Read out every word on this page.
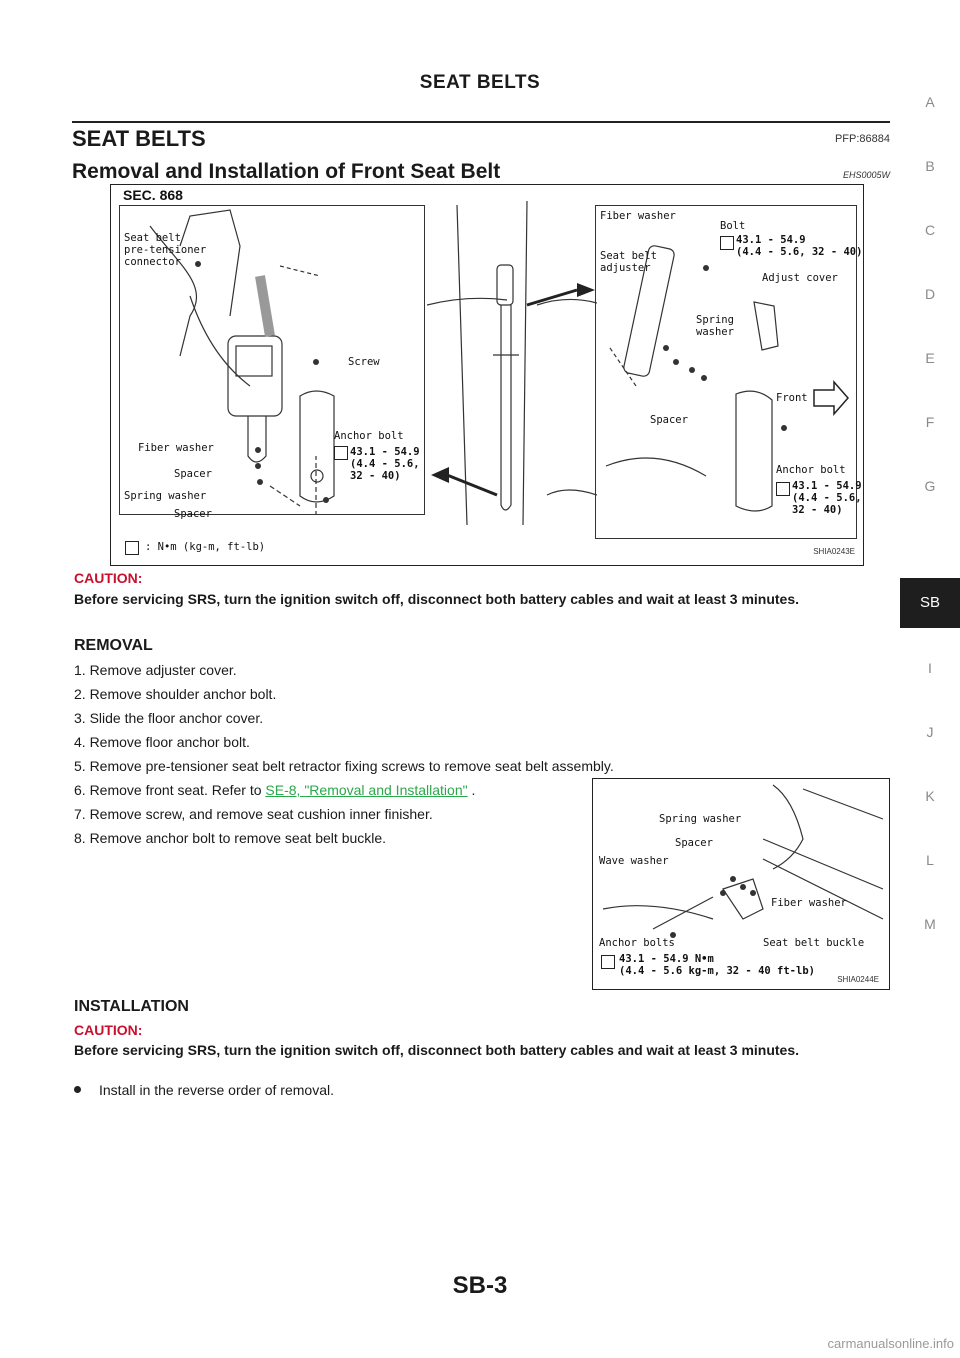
SEAT BELTS
A
B
C
D
E
F
G
SB
I
J
K
L
M
SEAT BELTS	PFP:86884
Removal and Installation of Front Seat Belt	EHS0005W
SEC. 868
Seat belt
pre-tensioner
connector
Screw
Fiber washer
Spacer
Spring washer
Spacer
Anchor bolt
43.1 - 54.9
(4.4 - 5.6,
32 - 40)
Fiber washer
Bolt
43.1 - 54.9
(4.4 - 5.6, 32 - 40)
Seat belt
adjuster
Adjust cover
Spring
washer
Front
Spacer
Anchor bolt
43.1 - 54.9
(4.4 - 5.6,
32 - 40)
: N•m (kg-m, ft-lb)	SHIA0243E
CAUTION:
Before servicing SRS, turn the ignition switch off, disconnect both battery cables and wait at least 3 minutes.
REMOVAL
1. Remove adjuster cover.
2. Remove shoulder anchor bolt.
3. Slide the floor anchor cover.
4. Remove floor anchor bolt.
5. Remove pre-tensioner seat belt retractor fixing screws to remove seat belt assembly.
6. Remove front seat. Refer to SE-8, "Removal and Installation" .
7. Remove screw, and remove seat cushion inner finisher.
8. Remove anchor bolt to remove seat belt buckle.
Spring washer
Spacer
Wave washer
Fiber washer
Anchor bolts	Seat belt buckle
43.1 - 54.9 N•m
(4.4 - 5.6 kg-m, 32 - 40 ft-lb)
SHIA0244E
INSTALLATION
CAUTION:
Before servicing SRS, turn the ignition switch off, disconnect both battery cables and wait at least 3 minutes.
Install in the reverse order of removal.
SB-3
carmanualsonline.info
